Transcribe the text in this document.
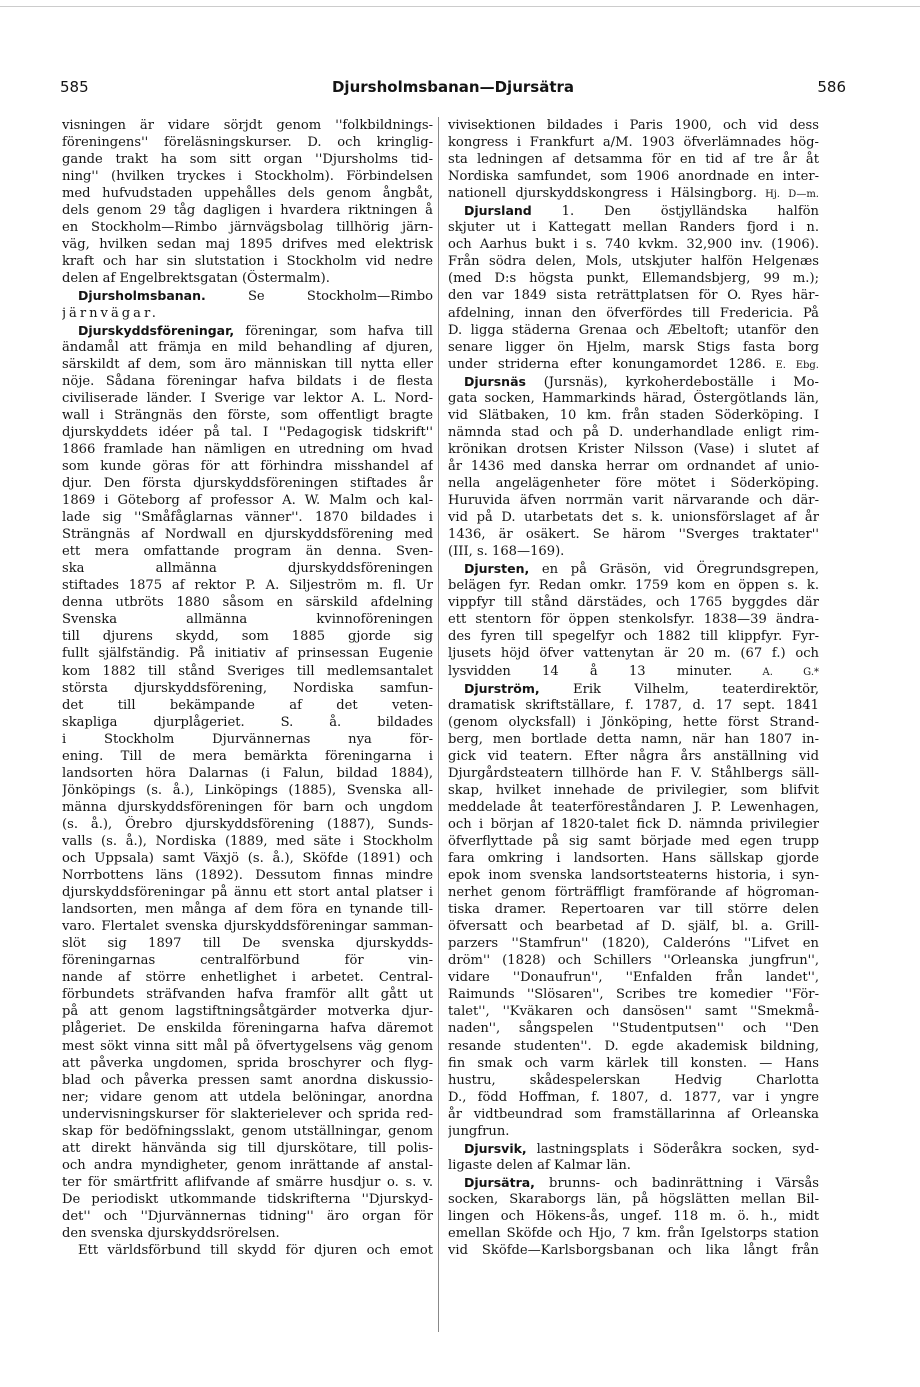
585	Djursholmsbanan—Djursätra	586
visningen är vidare sörjdt genom ''folkbildnings-
föreningens'' föreläsningskurser. D. och kringlig-
gande trakt ha som sitt organ ''Djursholms tid-
ning'' (hvilken tryckes i Stockholm). Förbindelsen
med hufvudstaden uppehålles dels genom ångbåt,
dels genom 29 tåg dagligen i hvardera riktningen å
en Stockholm—Rimbo järnvägsbolag tillhörig järn-
väg, hvilken sedan maj 1895 drifves med elektrisk
kraft och har sin slutstation i Stockholm vid nedre
delen af Engelbrektsgatan (Östermalm).
Djursholmsbanan. Se Stockholm—Rimbo
järnvägar.
Djurskyddsföreningar, föreningar, som hafva till
ändamål att främja en mild behandling af djuren,
särskildt af dem, som äro människan till nytta eller
nöje. Sådana föreningar hafva bildats i de flesta
civiliserade länder. I Sverige var lektor A. L. Nord-
wall i Strängnäs den förste, som offentligt bragte
djurskyddets idéer på tal. I ''Pedagogisk tidskrift''
1866 framlade han nämligen en utredning om hvad
som kunde göras för att förhindra misshandel af
djur. Den första djurskyddsföreningen stiftades år
1869 i Göteborg af professor A. W. Malm och kal-
lade sig ''Småfåglarnas vänner''. 1870 bildades i
Strängnäs af Nordwall en djurskyddsförening med
ett mera omfattande program än denna. Sven-
ska allmänna djurskyddsföreningen
stiftades 1875 af rektor P. A. Siljeström m. fl. Ur
denna utbröts 1880 såsom en särskild afdelning
Svenska allmänna kvinnoföreningen
till djurens skydd, som 1885 gjorde sig
fullt själfständig. På initiativ af prinsessan Eugenie
kom 1882 till stånd Sveriges till medlemsantalet
största djurskyddsförening, Nordiska samfun-
det till bekämpande af det veten-
skapliga djurplågeriet. S. å. bildades
i Stockholm Djurvännernas nya för-
ening. Till de mera bemärkta föreningarna i
landsorten höra Dalarnas (i Falun, bildad 1884),
Jönköpings (s. å.), Linköpings (1885), Svenska all-
männa djurskyddsföreningen för barn och ungdom
(s. å.), Örebro djurskyddsförening (1887), Sunds-
valls (s. å.), Nordiska (1889, med säte i Stockholm
och Uppsala) samt Växjö (s. å.), Sköfde (1891) och
Norrbottens läns (1892). Dessutom finnas mindre
djurskyddsföreningar på ännu ett stort antal platser i
landsorten, men många af dem föra en tynande till-
varo. Flertalet svenska djurskyddsföreningar samman-
slöt sig 1897 till De svenska djurskydds-
föreningarnas centralförbund för vin-
nande af större enhetlighet i arbetet. Central-
förbundets sträfvanden hafva framför allt gått ut
på att genom lagstiftningsåtgärder motverka djur-
plågeriet. De enskilda föreningarna hafva däremot
mest sökt vinna sitt mål på öfvertygelsens väg genom
att påverka ungdomen, sprida broschyrer och flyg-
blad och påverka pressen samt anordna diskussio-
ner; vidare genom att utdela belöningar, anordna
undervisningskurser för slakterielever och sprida red-
skap för bedöfningsslakt, genom utställningar, genom
att direkt hänvända sig till djurskötare, till polis-
och andra myndigheter, genom inrättande af anstal-
ter för smärtfritt aflifvande af smärre husdjur o. s. v.
De periodiskt utkommande tidskrifterna ''Djurskyd-
det'' och ''Djurvännernas tidning'' äro organ för
den svenska djurskyddsrörelsen.
Ett världsförbund till skydd för djuren och emot
vivisektionen bildades i Paris 1900, och vid dess
kongress i Frankfurt a/M. 1903 öfverlämnades hög-
sta ledningen af detsamma för en tid af tre år åt
Nordiska samfundet, som 1906 anordnade en inter-
nationell djurskyddskongress i Hälsingborg. Hj. D—m.
Djursland 1. Den östjylländska halfön
skjuter ut i Kattegatt mellan Randers fjord i n.
och Aarhus bukt i s. 740 kvkm. 32,900 inv. (1906).
Från södra delen, Mols, utskjuter halfön Helgenæs
(med D:s högsta punkt, Ellemandsbjerg, 99 m.);
den var 1849 sista reträttplatsen för O. Ryes här-
afdelning, innan den öfverfördes till Fredericia. På
D. ligga städerna Grenaa och Æbeltoft; utanför den
senare ligger ön Hjelm, marsk Stigs fasta borg
under striderna efter konungamordet 1286. E. Ebg.
Djursnäs (Jursnäs), kyrkoherdeboställe i Mo-
gata socken, Hammarkinds härad, Östergötlands län,
vid Slätbaken, 10 km. från staden Söderköping. I
nämnda stad och på D. underhandlade enligt rim-
krönikan drotsen Krister Nilsson (Vase) i slutet af
år 1436 med danska herrar om ordnandet af unio-
nella angelägenheter före mötet i Söderköping.
Huruvida äfven norrmän varit närvarande och där-
vid på D. utarbetats det s. k. unionsförslaget af år
1436, är osäkert. Se härom ''Sverges traktater''
(III, s. 168—169).
Djursten, en på Gräsön, vid Öregrundsgrepen,
belägen fyr. Redan omkr. 1759 kom en öppen s. k.
vippfyr till stånd därstädes, och 1765 byggdes där
ett stentorn för öppen stenkolsfyr. 1838—39 ändra-
des fyren till spegelfyr och 1882 till klippfyr. Fyr-
ljusets höjd öfver vattenytan är 20 m. (67 f.) och
lysvidden 14 å 13 minuter. A. G.*
Djurström, Erik Vilhelm, teaterdirektör,
dramatisk skriftställare, f. 1787, d. 17 sept. 1841
(genom olycksfall) i Jönköping, hette först Strand-
berg, men bortlade detta namn, när han 1807 in-
gick vid teatern. Efter några års anställning vid
Djurgårdsteatern tillhörde han F. V. Ståhlbergs säll-
skap, hvilket innehade de privilegier, som blifvit
meddelade åt teaterföreståndaren J. P. Lewenhagen,
och i början af 1820-talet fick D. nämnda privilegier
öfverflyttade på sig samt började med egen trupp
fara omkring i landsorten. Hans sällskap gjorde
epok inom svenska landsortsteaterns historia, i syn-
nerhet genom förträffligt framförande af högroman-
tiska dramer. Repertoaren var till större delen
öfversatt och bearbetad af D. själf, bl. a. Grill-
parzers ''Stamfrun'' (1820), Calderóns ''Lifvet en
dröm'' (1828) och Schillers ''Orleanska jungfrun'',
vidare ''Donaufrun'', ''Enfalden från landet'',
Raimunds ''Slösaren'', Scribes tre komedier ''För-
talet'', ''Kväkaren och dansösen'' samt ''Smekmå-
naden'', sångspelen ''Studentputsen'' och ''Den
resande studenten''. D. egde akademisk bildning,
fin smak och varm kärlek till konsten. — Hans
hustru, skådespelerskan Hedvig Charlotta
D., född Hoffman, f. 1807, d. 1877, var i yngre
år vidtbeundrad som framställarinna af Orleanska
jungfrun.
Djursvik, lastningsplats i Söderåkra socken, syd-
ligaste delen af Kalmar län.
Djursätra, brunns- och badinrättning i Värsås
socken, Skaraborgs län, på högslätten mellan Bil-
lingen och Hökens-ås, ungef. 118 m. ö. h., midt
emellan Sköfde och Hjo, 7 km. från Igelstorps station
vid Sköfde—Karlsborgsbanan och lika långt från
